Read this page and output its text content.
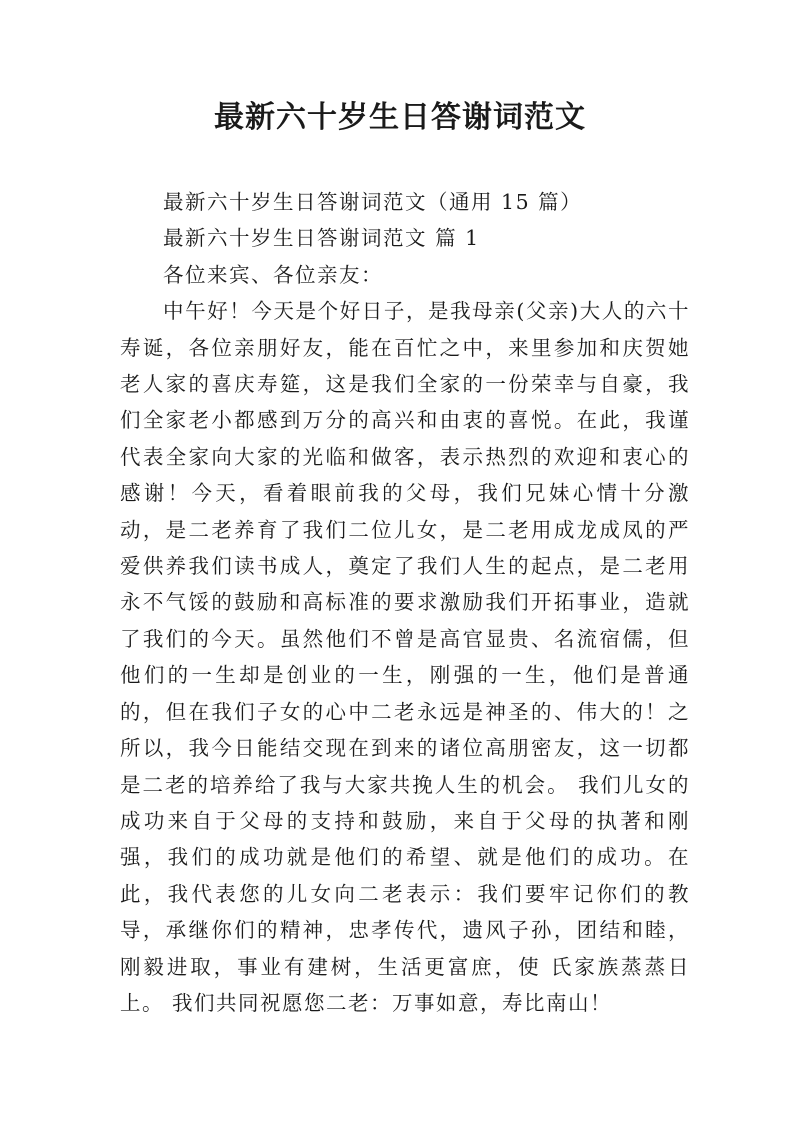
最新六十岁生日答谢词范文

最新六十岁生日答谢词范文（通用 15 篇）

最新六十岁生日答谢词范文 篇 1

各位来宾、各位亲友：

中午好！今天是个好日子，是我母亲(父亲)大人的六十寿诞，各位亲朋好友，能在百忙之中，来里参加和庆贺她老人家的喜庆寿筵，这是我们全家的一份荣幸与自豪，我们全家老小都感到万分的高兴和由衷的喜悦。在此，我谨代表全家向大家的光临和做客，表示热烈的欢迎和衷心的感谢！今天，看着眼前我的父母，我们兄妹心情十分激动，是二老养育了我们二位儿女，是二老用成龙成凤的严爱供养我们读书成人，奠定了我们人生的起点，是二老用永不气馁的鼓励和高标准的要求激励我们开拓事业，造就了我们的今天。虽然他们不曾是高官显贵、名流宿儒，但他们的一生却是创业的一生，刚强的一生，他们是普通的，但在我们子女的心中二老永远是神圣的、伟大的！之所以，我今日能结交现在到来的诸位高朋密友，这一切都是二老的培养给了我与大家共挽人生的机会。 我们儿女的成功来自于父母的支持和鼓励，来自于父母的执著和刚强，我们的成功就是他们的希望、就是他们的成功。在此，我代表您的儿女向二老表示：我们要牢记你们的教导，承继你们的精神，忠孝传代，遗风子孙，团结和睦，刚毅进取，事业有建树，生活更富庶，使 氏家族蒸蒸日上。 我们共同祝愿您二老：万事如意，寿比南山！
